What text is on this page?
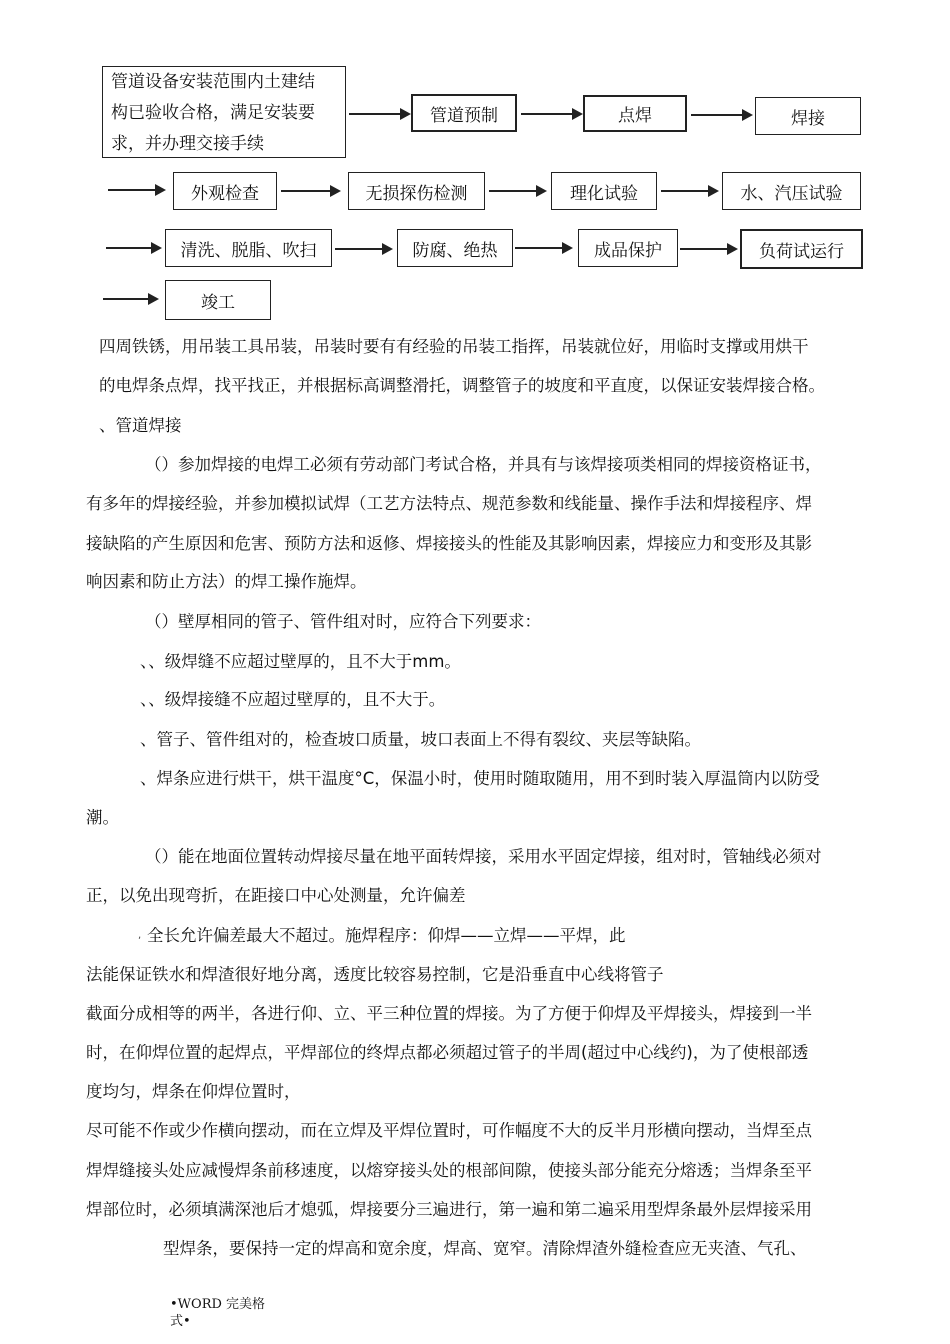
管道设备安装范围内土建结
构已验收合格，满足安装要
求，并办理交接手续
管道预制	点焊	焊接
外观检查	无损探伤检测	理化试验	水、汽压试验
清洗、脱脂、吹扫	防腐、绝热	成品保护	负荷试运行
竣工
四周铁锈，用吊装工具吊装，吊装时要有有经验的吊装工指挥，吊装就位好，用临时支撑或用烘干
的电焊条点焊，找平找正，并根据标高调整滑托，调整管子的坡度和平直度，以保证安装焊接合格。
、管道焊接
（）参加焊接的电焊工必须有劳动部门考试合格，并具有与该焊接项类相同的焊接资格证书，
有多年的焊接经验，并参加模拟试焊（工艺方法特点、规范参数和线能量、操作手法和焊接程序、焊
接缺陷的产生原因和危害、预防方法和返修、焊接接头的性能及其影响因素，焊接应力和变形及其影
响因素和防止方法）的焊工操作施焊。
（）壁厚相同的管子、管件组对时，应符合下列要求：
、、级焊缝不应超过壁厚的，且不大于mm。
、、级焊接缝不应超过壁厚的，且不大于。
、管子、管件组对的，检查坡口质量，坡口表面上不得有裂纹、夹层等缺陷。
、焊条应进行烘干，烘干温度°C，保温小时，使用时随取随用，用不到时装入厚温筒内以防受
潮。
（）能在地面位置转动焊接尽量在地平面转焊接，采用水平固定焊接，组对时，管轴线必须对
正，以免出现弯折，在距接口中心处测量，允许偏差
, 全长允许偏差最大不超过。施焊程序：仰焊——立焊——平焊，此
法能保证铁水和焊渣很好地分离，透度比较容易控制，它是沿垂直中心线将管子
截面分成相等的两半，各进行仰、立、平三种位置的焊接。为了方便于仰焊及平焊接头，焊接到一半
时，在仰焊位置的起焊点，平焊部位的终焊点都必须超过管子的半周(超过中心线约)，为了使根部透
度均匀，焊条在仰焊位置时，
尽可能不作或少作横向摆动，而在立焊及平焊位置时，可作幅度不大的反半月形横向摆动，当焊至点
焊焊缝接头处应减慢焊条前移速度，以熔穿接头处的根部间隙，使接头部分能充分熔透；当焊条至平
焊部位时，必须填满深池后才熄弧，焊接要分三遍进行，第一遍和第二遍采用型焊条最外层焊接采用
型焊条，要保持一定的焊高和宽余度，焊高、宽窄。清除焊渣外缝检查应无夹渣、气孔、
•WORD 完美格
式•
